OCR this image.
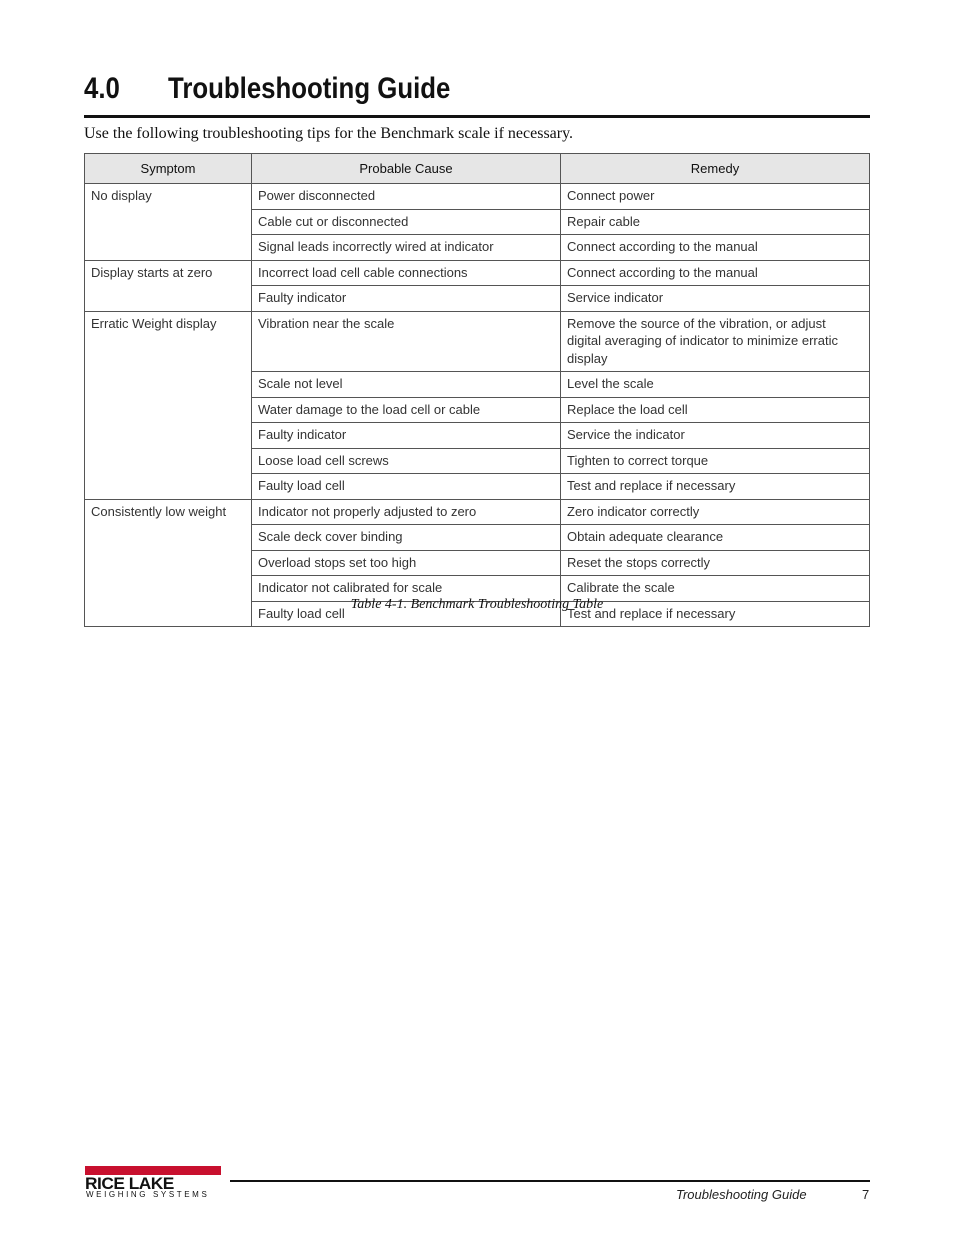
4.0 Troubleshooting Guide
Use the following troubleshooting tips for the Benchmark scale if necessary.
Symptom	Probable Cause	Remedy
No display	Power disconnected	Connect power
	Cable cut or disconnected	Repair cable
	Signal leads incorrectly wired at indicator	Connect according to the manual
Display starts at zero	Incorrect load cell cable connections	Connect according to the manual
	Faulty indicator	Service indicator
Erratic Weight display	Vibration near the scale	Remove the source of the vibration, or adjust digital averaging of indicator to minimize erratic display
	Scale not level	Level the scale
	Water damage to the load cell or cable	Replace the load cell
	Faulty indicator	Service the indicator
	Loose load cell screws	Tighten to correct torque
	Faulty load cell	Test and replace if necessary
Consistently low weight	Indicator not properly adjusted to zero	Zero indicator correctly
	Scale deck cover binding	Obtain adequate clearance
	Overload stops set too high	Reset the stops correctly
	Indicator not calibrated for scale	Calibrate the scale
	Faulty load cell	Test and replace if necessary
Table 4-1. Benchmark Troubleshooting Table
RICE LAKE
WEIGHING SYSTEMS	Troubleshooting Guide	7
